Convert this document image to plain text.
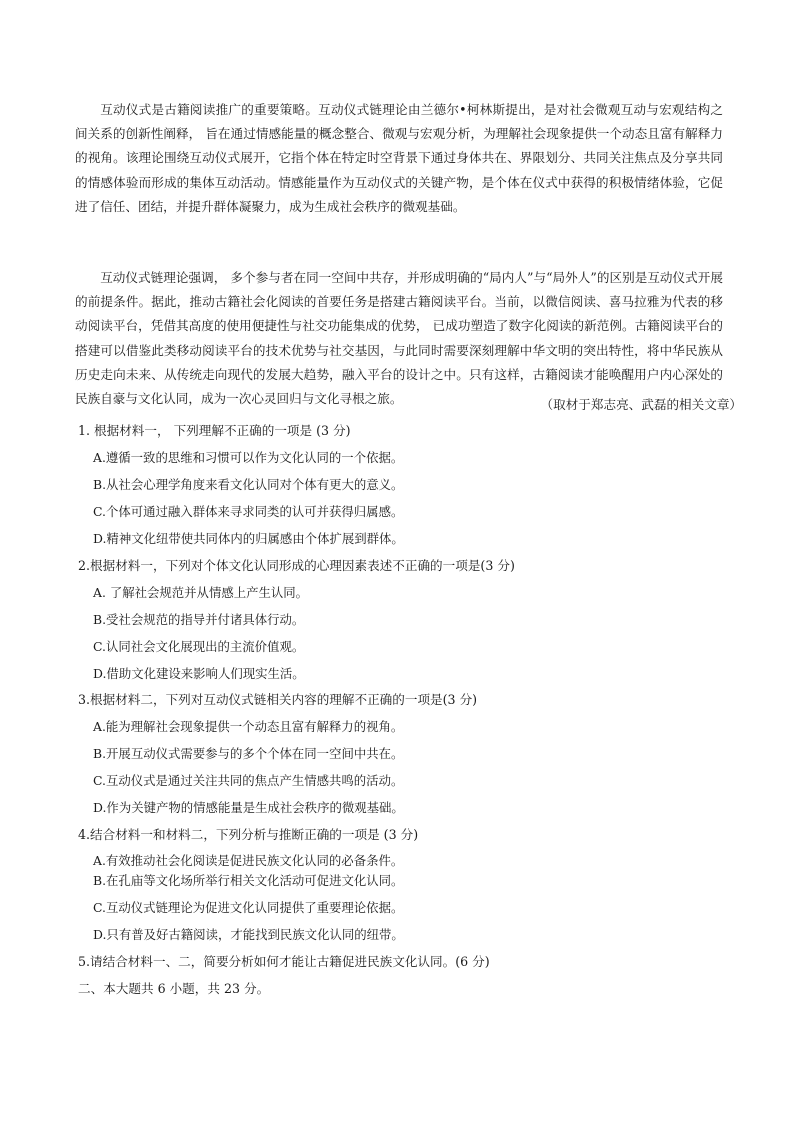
互动仪式是古籍阅读推广的重要策略。互动仪式链理论由兰德尔•柯林斯提出，是对社会微观互动与宏观结构之间关系的创新性阐释， 旨在通过情感能量的概念整合、微观与宏观分析，为理解社会现象提供一个动态且富有解释力的视角。该理论围绕互动仪式展开，它指个体在特定时空背景下通过身体共在、界限划分、共同关注焦点及分享共同的情感体验而形成的集体互动活动。情感能量作为互动仪式的关键产物，是个体在仪式中获得的积极情绪体验，它促进了信任、团结，并提升群体凝聚力，成为生成社会秩序的微观基础。

互动仪式链理论强调， 多个参与者在同一空间中共存，并形成明确的“局内人”与“局外人”的区别是互动仪式开展的前提条件。据此，推动古籍社会化阅读的首要任务是搭建古籍阅读平台。当前，以微信阅读、喜马拉雅为代表的移动阅读平台，凭借其高度的使用便捷性与社交功能集成的优势， 已成功塑造了数字化阅读的新范例。古籍阅读平台的搭建可以借鉴此类移动阅读平台的技术优势与社交基因，与此同时需要深刻理解中华文明的突出特性，将中华民族从历史走向未来、从传统走向现代的发展大趋势，融入平台的设计之中。只有这样，古籍阅读才能唤醒用户内心深处的民族自豪与文化认同，成为一次心灵回归与文化寻根之旅。	（取材于郑志亮、武磊的相关文章）

1. 根据材料一， 下列理解不正确的一项是 (3 分)

A.遵循一致的思维和习惯可以作为文化认同的一个依据。

B.从社会心理学角度来看文化认同对个体有更大的意义。

C.个体可通过融入群体来寻求同类的认可并获得归属感。

D.精神文化纽带使共同体内的归属感由个体扩展到群体。

2.根据材料一，下列对个体文化认同形成的心理因素表述不正确的一项是(3 分)

A. 了解社会规范并从情感上产生认同。

B.受社会规范的指导并付诸具体行动。

C.认同社会文化展现出的主流价值观。

D.借助文化建设来影响人们现实生活。

3.根据材料二，下列对互动仪式链相关内容的理解不正确的一项是(3 分)

A.能为理解社会现象提供一个动态且富有解释力的视角。

B.开展互动仪式需要参与的多个个体在同一空间中共在。

C.互动仪式是通过关注共同的焦点产生情感共鸣的活动。

D.作为关键产物的情感能量是生成社会秩序的微观基础。

4.结合材料一和材料二，下列分析与推断正确的一项是 (3 分)

A.有效推动社会化阅读是促进民族文化认同的必备条件。

B.在孔庙等文化场所举行相关文化活动可促进文化认同。

C.互动仪式链理论为促进文化认同提供了重要理论依据。

D.只有普及好古籍阅读，才能找到民族文化认同的纽带。

5.请结合材料一、二，简要分析如何才能让古籍促进民族文化认同。(6 分)

二、本大题共 6 小题，共 23 分。
